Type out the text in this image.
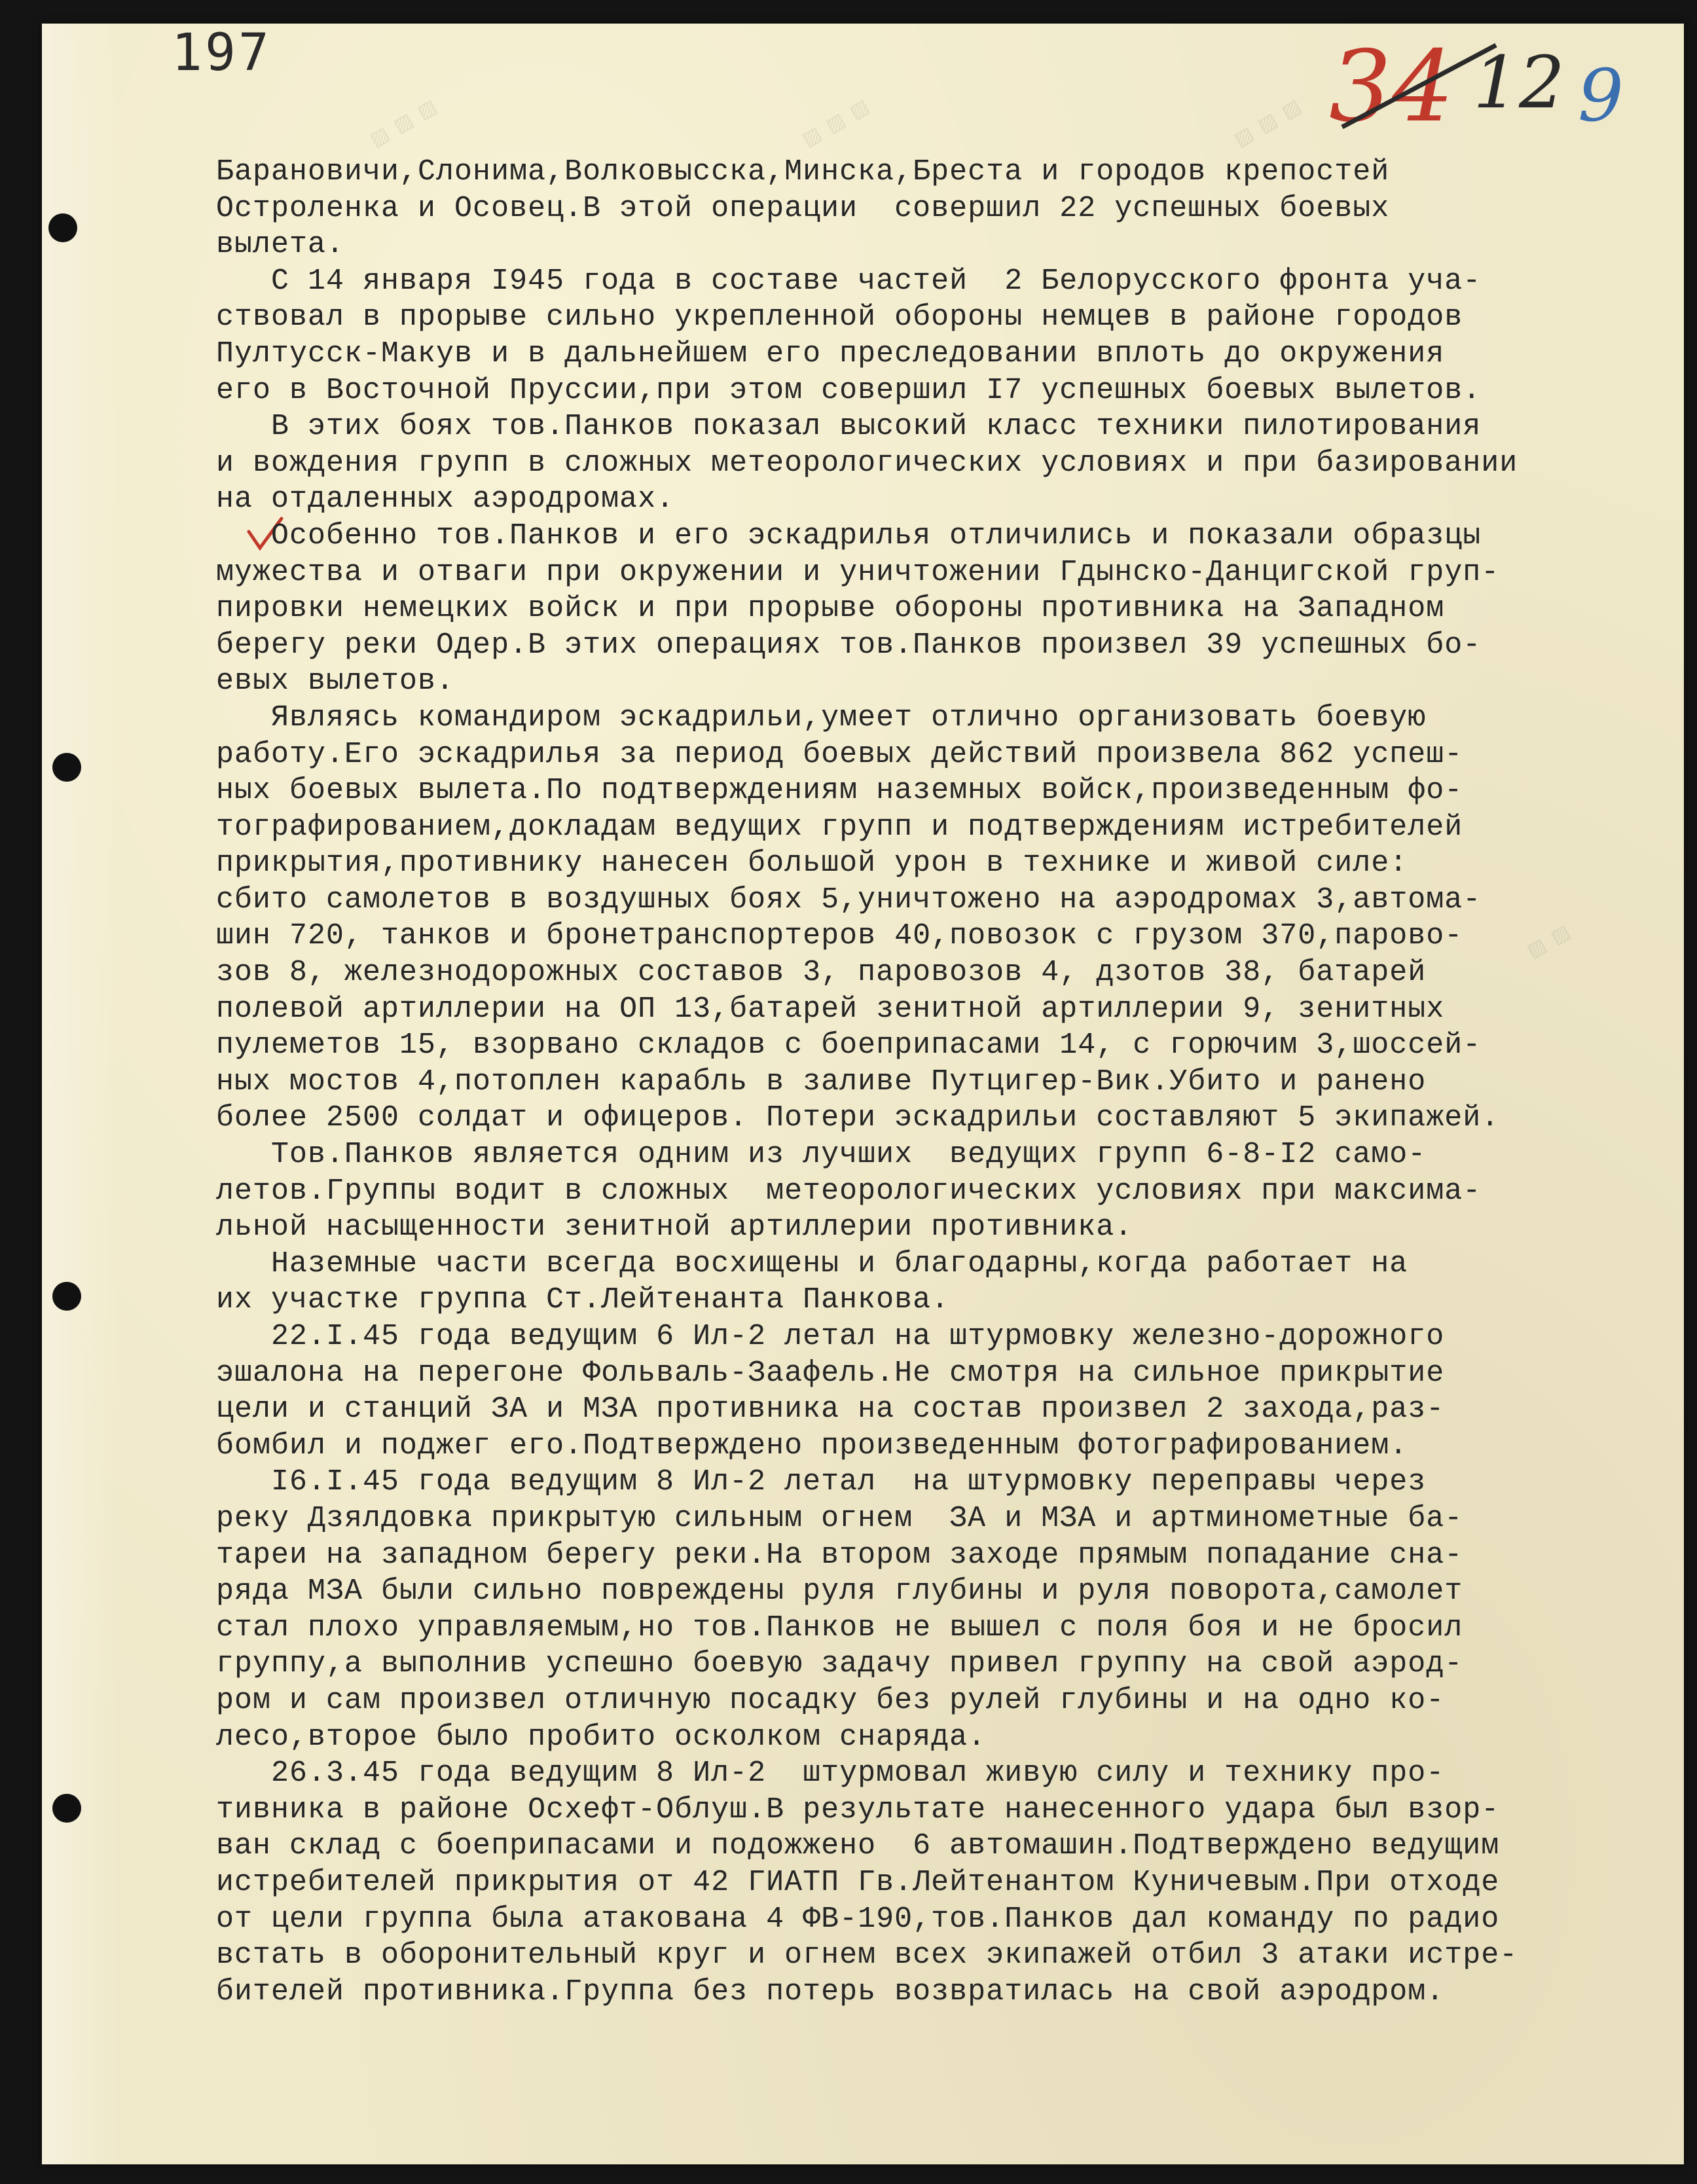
▨ ▨ ▨	▨ ▨ ▨	▨ ▨ ▨
▨ ▨
197	34 12 9
Барановичи,Слонима,Волковысска,Минска,Бреста и городов крепостей
Остроленка и Осовец.В этой операции  совершил 22 успешных боевых
вылета.
С 14 января I945 года в составе частей  2 Белорусского фронта уча-
ствовал в прорыве сильно укрепленной обороны немцев в районе городов
Пултусск-Макув и в дальнейшем его преследовании вплоть до окружения
его в Восточной Пруссии,при этом совершил I7 успешных боевых вылетов.
В этих боях тов.Панков показал высокий класс техники пилотирования
и вождения групп в сложных метеорологических условиях и при базировании
на отдаленных аэродромах.
Особенно тов.Панков и его эскадрилья отличились и показали образцы
мужества и отваги при окружении и уничтожении Гдынско-Данцигской груп-
пировки немецких войск и при прорыве обороны противника на Западном
берегу реки Одер.В этих операциях тов.Панков произвел 39 успешных бо-
евых вылетов.
Являясь командиром эскадрильи,умеет отлично организовать боевую
работу.Его эскадрилья за период боевых действий произвела 862 успеш-
ных боевых вылета.По подтверждениям наземных войск,произведенным фо-
тографированием,докладам ведущих групп и подтверждениям истребителей
прикрытия,противнику нанесен большой урон в технике и живой силе:
сбито самолетов в воздушных боях 5,уничтожено на аэродромах 3,автома-
шин 720, танков и бронетранспортеров 40,повозок с грузом 370,парово-
зов 8, железнодорожных составов 3, паровозов 4, дзотов 38, батарей
полевой артиллерии на ОП 13,батарей зенитной артиллерии 9, зенитных
пулеметов 15, взорвано складов с боеприпасами 14, с горючим 3,шоссей-
ных мостов 4,потоплен карабль в заливе Путцигер-Вик.Убито и ранено
более 2500 солдат и офицеров. Потери эскадрильи составляют 5 экипажей.
Тов.Панков является одним из лучших  ведущих групп 6-8-I2 само-
летов.Группы водит в сложных  метеорологических условиях при максима-
льной насыщенности зенитной артиллерии противника.
Наземные части всегда восхищены и благодарны,когда работает на
их участке группа Ст.Лейтенанта Панкова.
22.I.45 года ведущим 6 Ил-2 летал на штурмовку железно-дорожного
эшалона на перегоне Фольваль-Заафель.Не смотря на сильное прикрытие
цели и станций ЗА и МЗА противника на состав произвел 2 захода,раз-
бомбил и поджег его.Подтверждено произведенным фотографированием.
I6.I.45 года ведущим 8 Ил-2 летал  на штурмовку переправы через
реку Дзялдовка прикрытую сильным огнем  ЗА и МЗА и артминометные ба-
тареи на западном берегу реки.На втором заходе прямым попадание сна-
ряда МЗА были сильно повреждены руля глубины и руля поворота,самолет
стал плохо управляемым,но тов.Панков не вышел с поля боя и не бросил
группу,а выполнив успешно боевую задачу привел группу на свой аэрод-
ром и сам произвел отличную посадку без рулей глубины и на одно ко-
лесо,второе было пробито осколком снаряда.
26.3.45 года ведущим 8 Ил-2  штурмовал живую силу и технику про-
тивника в районе Осхефт-Облуш.В результате нанесенного удара был взор-
ван склад с боеприпасами и подожжено  6 автомашин.Подтверждено ведущим
истребителей прикрытия от 42 ГИАТП Гв.Лейтенантом Куничевым.При отходе
от цели группа была атакована 4 ФВ-190,тов.Панков дал команду по радио
встать в оборонительный круг и огнем всех экипажей отбил 3 атаки истре-
бителей противника.Группа без потерь возвратилась на свой аэродром.
